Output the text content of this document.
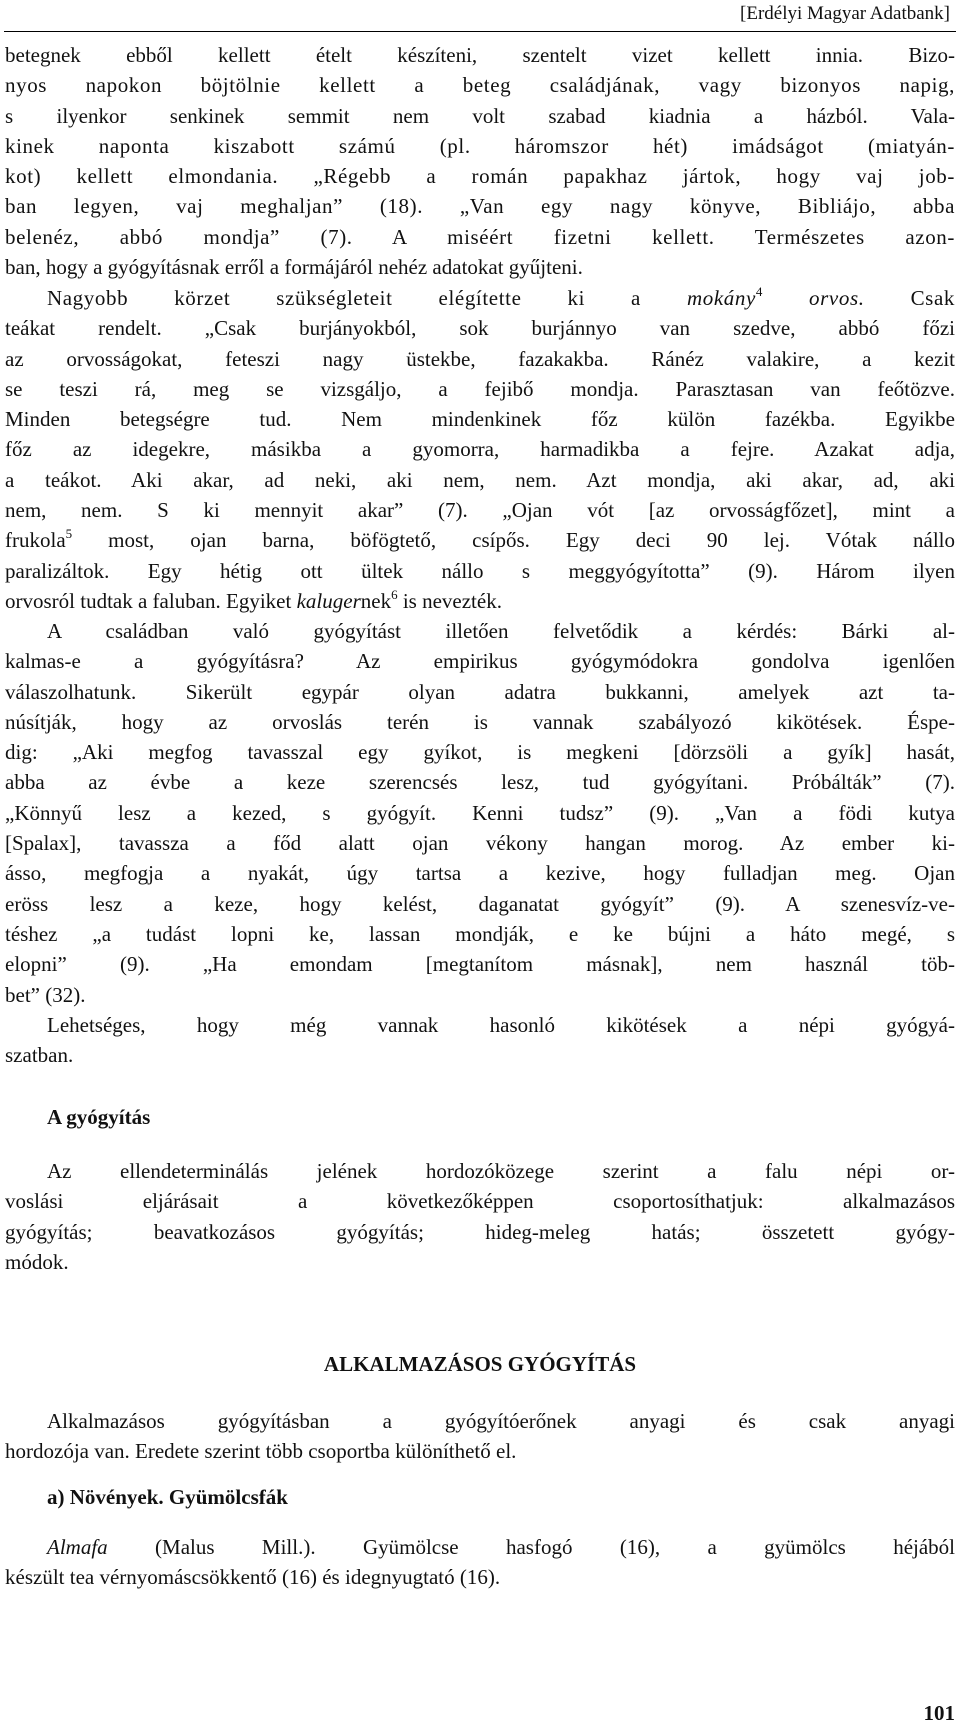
[Erdélyi Magyar Adatbank]
betegnek ebből kellett ételt készíteni, szentelt vizet kellett innia. Bizo-
nyos napokon böjtölnie kellett a beteg családjának, vagy bizonyos napig,
s ilyenkor senkinek semmit nem volt szabad kiadnia a házból. Vala-
kinek naponta kiszabott számú (pl. háromszor hét) imádságot (miatyán-
kot) kellett elmondania. „Régebb a román papakhaz jártok, hogy vaj job-
ban legyen, vaj meghaljan” (18). „Van egy nagy könyve, Bibliájo, abba
belenéz, abbó mondja” (7). A miséért fizetni kellett. Természetes azon-
ban, hogy a gyógyításnak erről a formájáról nehéz adatokat gyűjteni.
Nagyobb körzet szükségleteit elégítette ki a mokány$^4$ orvos. Csak
teákat rendelt. „Csak burjányokból, sok burjánnyo van szedve, abbó főzi
az orvosságokat, feteszi nagy üstekbe, fazakakba. Ránéz valakire, a kezit
se teszi rá, meg se vizsgáljo, a fejibő mondja. Parasztasan van feőtözve.
Minden betegségre tud. Nem mindenkinek főz külön fazékba. Egyikbe
főz az idegekre, másikba a gyomorra, harmadikba a fejre. Azakat adja,
a teákot. Aki akar, ad neki, aki nem, nem. Azt mondja, aki akar, ad, aki
nem, nem. S ki mennyit akar” (7). „Ojan vót [az orvosságfőzet], mint a
frukola$^5$ most, ojan barna, böfögtető, csípős. Egy deci 90 lej. Vótak nállo
paralizáltok. Egy hétig ott ültek nállo s meggyógyította” (9). Három ilyen
orvosról tudtak a faluban. Egyiket kalugernek$^6$ is nevezték.
A családban való gyógyítást illetően felvetődik a kérdés: Bárki al-
kalmas-e a gyógyításra? Az empirikus gyógymódokra gondolva igenlően
válaszolhatunk. Sikerült egypár olyan adatra bukkanni, amelyek azt ta-
núsítják, hogy az orvoslás terén is vannak szabályozó kikötések. Éspe-
dig: „Aki megfog tavasszal egy gyíkot, is megkeni [dörzsöli a gyík] hasát,
abba az évbe a keze szerencsés lesz, tud gyógyítani. Próbálták” (7).
„Könnyű lesz a kezed, s gyógyít. Kenni tudsz” (9). „Van a födi kutya
[Spalax], tavassza a főd alatt ojan vékony hangan morog. Az ember ki-
ásso, megfogja a nyakát, úgy tartsa a kezive, hogy fulladjan meg. Ojan
eröss lesz a keze, hogy kelést, daganatat gyógyít” (9). A szenesvíz-ve-
téshez „a tudást lopni ke, lassan mondják, e ke bújni a háto megé, s
elopni” (9). „Ha emondam [megtanítom másnak], nem használ töb-
bet” (32).
Lehetséges, hogy még vannak hasonló kikötések a népi gyógyá-
szatban.
A gyógyítás
Az ellendeterminálás jelének hordozóközege szerint a falu népi or-
voslási eljárásait a következőképpen csoportosíthatjuk: alkalmazásos
gyógyítás; beavatkozásos gyógyítás; hideg-meleg hatás; összetett gyógy-
módok.
ALKALMAZÁSOS GYÓGYÍTÁS
Alkalmazásos gyógyításban a gyógyítóerőnek anyagi és csak anyagi
hordozója van. Eredete szerint több csoportba különíthető el.
a) Növények. Gyümölcsfák
Almafa (Malus Mill.). Gyümölcse hasfogó (16), a gyümölcs héjából
készült tea vérnyomáscsökkentő (16) és idegnyugtató (16).
101
